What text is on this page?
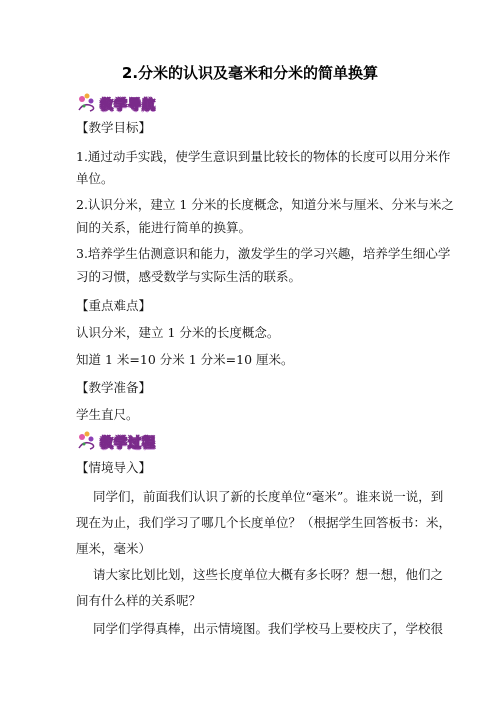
2.分米的认识及毫米和分米的简单换算
教学导航
【教学目标】
1.通过动手实践，使学生意识到量比较长的物体的长度可以用分米作
单位。
2.认识分米，建立 1 分米的长度概念，知道分米与厘米、分米与米之
间的关系，能进行简单的换算。
3.培养学生估测意识和能力，激发学生的学习兴趣，培养学生细心学
习的习惯，感受数学与实际生活的联系。
【重点难点】
认识分米，建立 1 分米的长度概念。
知道 1 米=10 分米 1 分米=10 厘米。
【教学准备】
学生直尺。
教学过程
【情境导入】
同学们，前面我们认识了新的长度单位“毫米”。谁来说一说，到
现在为止，我们学习了哪几个长度单位？（根据学生回答板书：米，
厘米，毫米）
请大家比划比划，这些长度单位大概有多长呀？想一想，他们之
间有什么样的关系呢？
同学们学得真棒，出示情境图。我们学校马上要校庆了，学校很
